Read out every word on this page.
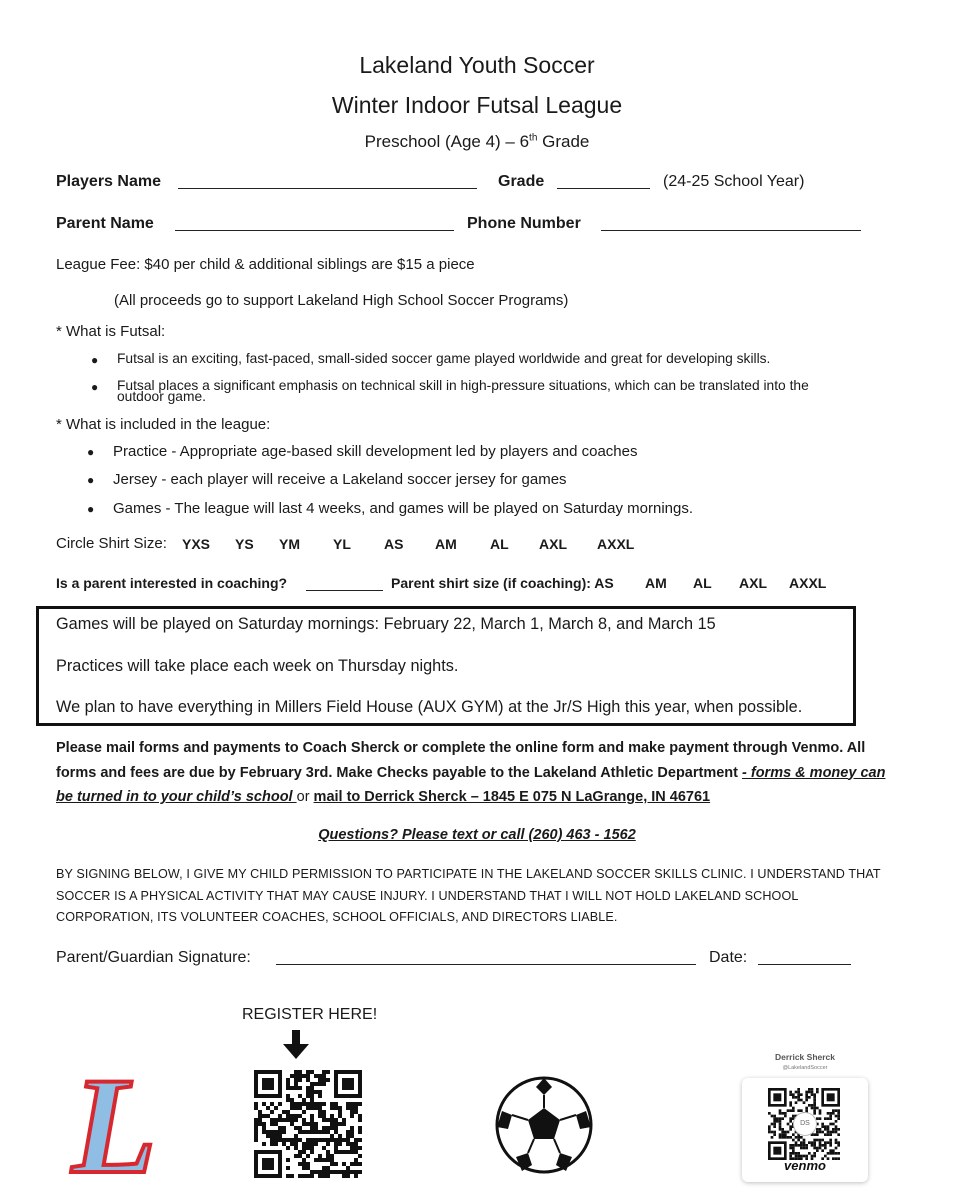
Lakeland Youth Soccer
Winter Indoor Futsal League
Preschool (Age 4) – 6th Grade
Players Name	Grade	(24-25 School Year)
Parent Name	Phone Number
League Fee: $40 per child & additional siblings are $15 a piece
(All proceeds go to support Lakeland High School Soccer Programs)
* What is Futsal:
● Futsal is an exciting, fast-paced, small-sided soccer game played worldwide and great for developing skills.
● Futsal places a significant emphasis on technical skill in high-pressure situations, which can be translated into the
outdoor game.
* What is included in the league:
● Practice - Appropriate age-based skill development led by players and coaches
● Jersey - each player will receive a Lakeland soccer jersey for games
● Games - The league will last 4 weeks, and games will be played on Saturday mornings.
Circle Shirt Size: YXS YS YM YL AS AM AL AXL AXXL
Is a parent interested in coaching?	Parent shirt size (if coaching): AS AM AL AXL AXXL
Games will be played on Saturday mornings: February 22, March 1, March 8, and March 15
Practices will take place each week on Thursday nights.
We plan to have everything in Millers Field House (AUX GYM) at the Jr/S High this year, when possible.
Please mail forms and payments to Coach Sherck or complete the online form and make payment through Venmo. All forms and fees are due by February 3rd. Make Checks payable to the Lakeland Athletic Department - forms & money can be turned in to your child’s school or mail to Derrick Sherck – 1845 E 075 N LaGrange, IN 46761
Questions? Please text or call (260) 463 - 1562
BY SIGNING BELOW, I GIVE MY CHILD PERMISSION TO PARTICIPATE IN THE LAKELAND SOCCER SKILLS CLINIC. I UNDERSTAND THAT SOCCER IS A PHYSICAL ACTIVITY THAT MAY CAUSE INJURY. I UNDERSTAND THAT I WILL NOT HOLD LAKELAND SCHOOL CORPORATION, ITS VOLUNTEER COACHES, SCHOOL OFFICIALS, AND DIRECTORS LIABLE.
Parent/Guardian Signature:	Date:
REGISTER HERE!
L	Derrick Sherck
@LakelandSoccer
DS
venmo
